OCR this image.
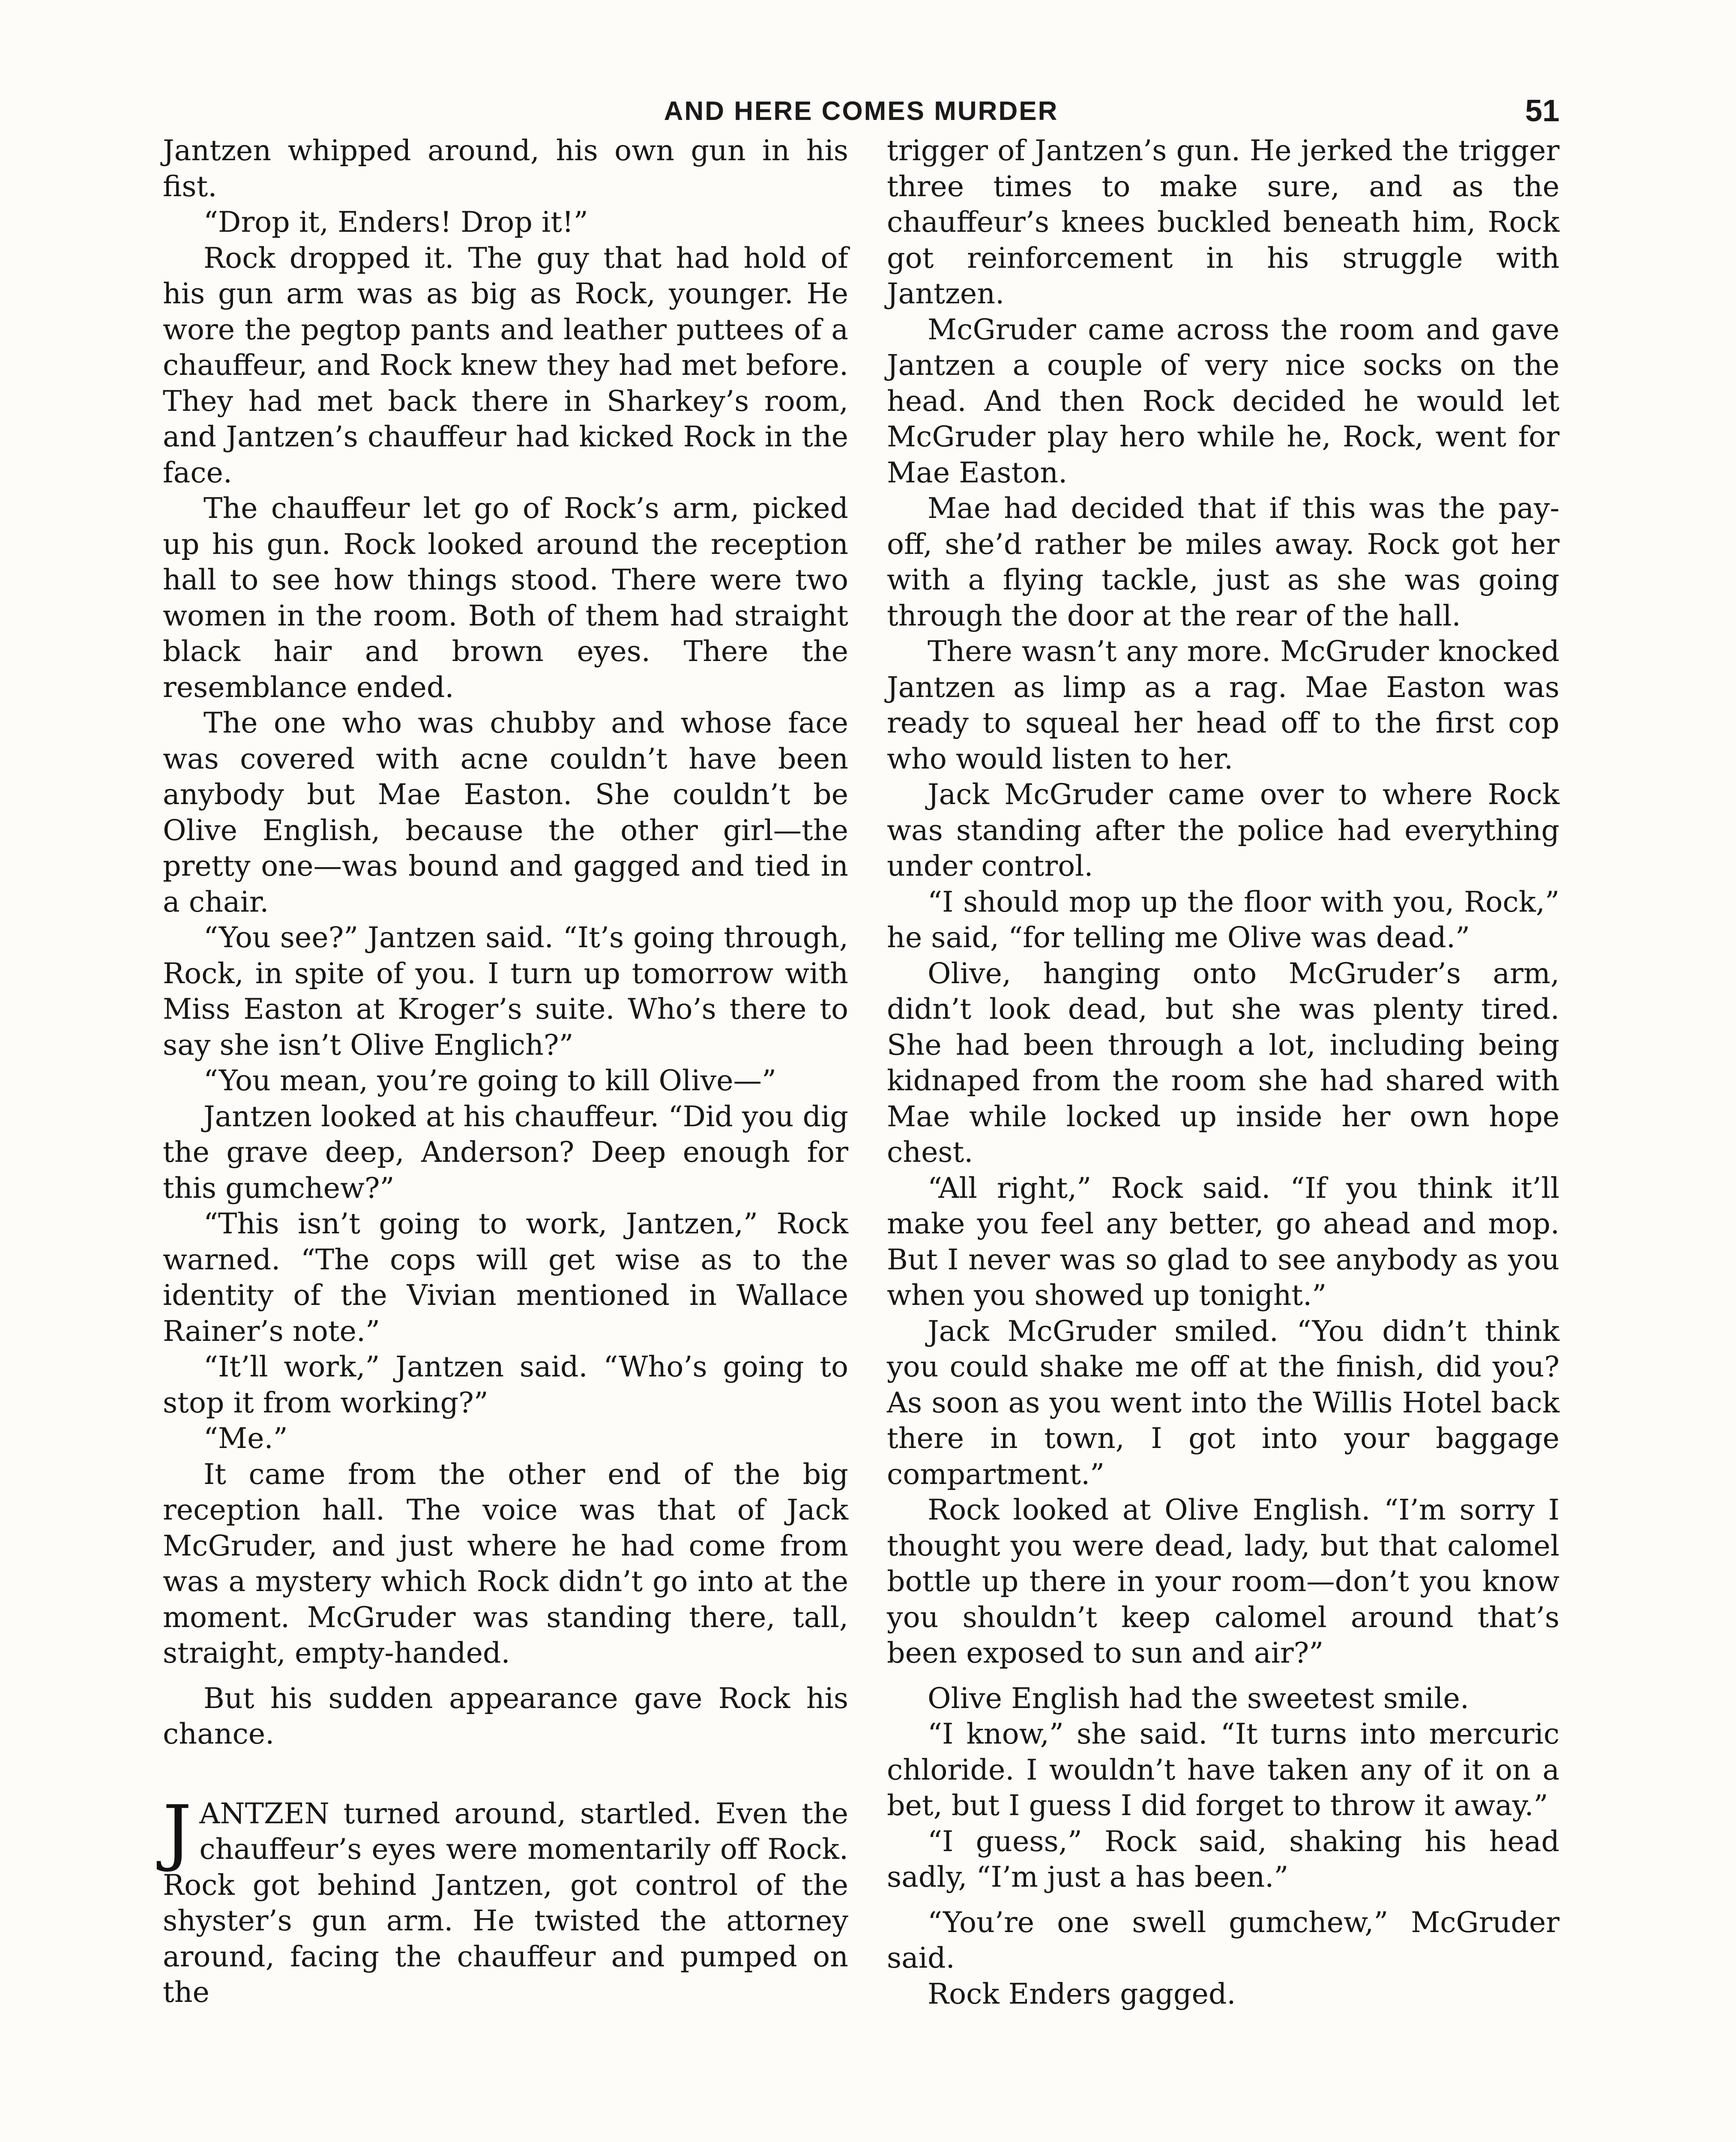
AND HERE COMES MURDER	51

Jantzen whipped around, his own gun in his fist.

“Drop it, Enders! Drop it!”

Rock dropped it. The guy that had hold of his gun arm was as big as Rock, younger. He wore the pegtop pants and leather puttees of a chauffeur, and Rock knew they had met before. They had met back there in Sharkey’s room, and Jantzen’s chauffeur had kicked Rock in the face.

The chauffeur let go of Rock’s arm, picked up his gun. Rock looked around the reception hall to see how things stood. There were two women in the room. Both of them had straight black hair and brown eyes. There the resemblance ended.

The one who was chubby and whose face was covered with acne couldn’t have been anybody but Mae Easton. She couldn’t be Olive English, because the other girl—the pretty one—was bound and gagged and tied in a chair.

“You see?” Jantzen said. “It’s going through, Rock, in spite of you. I turn up tomorrow with Miss Easton at Kroger’s suite. Who’s there to say she isn’t Olive Englich?”

“You mean, you’re going to kill Olive—”

Jantzen looked at his chauffeur. “Did you dig the grave deep, Anderson? Deep enough for this gumchew?”

“This isn’t going to work, Jantzen,” Rock warned. “The cops will get wise as to the identity of the Vivian mentioned in Wallace Rainer’s note.”

“It’ll work,” Jantzen said. “Who’s going to stop it from working?”

“Me.”

It came from the other end of the big reception hall. The voice was that of Jack McGruder, and just where he had come from was a mystery which Rock didn’t go into at the moment. McGruder was standing there, tall, straight, empty-handed.

But his sudden appearance gave Rock his chance.

JANTZEN turned around, startled. Even the chauffeur’s eyes were momentarily off Rock. Rock got behind Jantzen, got control of the shyster’s gun arm. He twisted the attorney around, facing the chauffeur and pumped on the

trigger of Jantzen’s gun. He jerked the trigger three times to make sure, and as the chauffeur’s knees buckled beneath him, Rock got reinforcement in his struggle with Jantzen.

McGruder came across the room and gave Jantzen a couple of very nice socks on the head. And then Rock decided he would let McGruder play hero while he, Rock, went for Mae Easton.

Mae had decided that if this was the pay-off, she’d rather be miles away. Rock got her with a flying tackle, just as she was going through the door at the rear of the hall.

There wasn’t any more. McGruder knocked Jantzen as limp as a rag. Mae Easton was ready to squeal her head off to the first cop who would listen to her.

Jack McGruder came over to where Rock was standing after the police had everything under control.

“I should mop up the floor with you, Rock,” he said, “for telling me Olive was dead.”

Olive, hanging onto McGruder’s arm, didn’t look dead, but she was plenty tired. She had been through a lot, including being kidnaped from the room she had shared with Mae while locked up inside her own hope chest.

“All right,” Rock said. “If you think it’ll make you feel any better, go ahead and mop. But I never was so glad to see anybody as you when you showed up tonight.”

Jack McGruder smiled. “You didn’t think you could shake me off at the finish, did you? As soon as you went into the Willis Hotel back there in town, I got into your baggage compartment.”

Rock looked at Olive English. “I’m sorry I thought you were dead, lady, but that calomel bottle up there in your room—don’t you know you shouldn’t keep calomel around that’s been exposed to sun and air?”

Olive English had the sweetest smile.

“I know,” she said. “It turns into mercuric chloride. I wouldn’t have taken any of it on a bet, but I guess I did forget to throw it away.”

“I guess,” Rock said, shaking his head sadly, “I’m just a has been.”

“You’re one swell gumchew,” McGruder said.

Rock Enders gagged.
